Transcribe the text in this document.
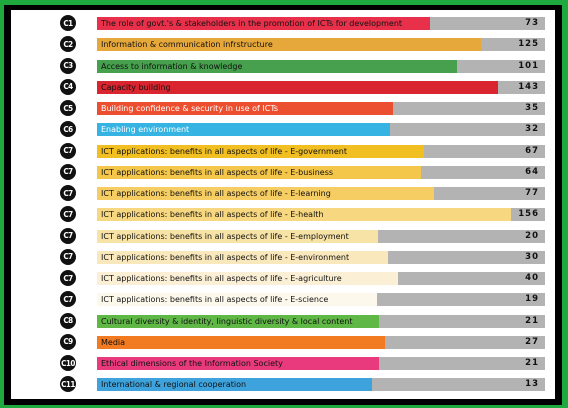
C1	The role of govt.'s & stakeholders in the promotion of ICTs for development	73
C2	Information & communication infrstructure	125
C3	Access to information & knowledge	101
C4	Capacity building	143
C5	Building confidence & security in use of ICTs	35
C6	Enabling environment	32
C7	ICT applications: benefits in all aspects of life - E-government	67
C7	ICT applications: benefits in all aspects of life - E-business	64
C7	ICT applications: benefits in all aspects of life - E-learning	77
C7	ICT applications: benefits in all aspects of life - E-health	156
C7	ICT applications: benefits in all aspects of life - E-employment	20
C7	ICT applications: benefits in all aspects of life - E-environment	30
C7	ICT applications: benefits in all aspects of life - E-agriculture	40
C7	ICT applications: benefits in all aspects of life - E-science	19
C8	Cultural diversity & identity, linguistic diversity & local content	21
C9	Media	27
C10	Ethical dimensions of the Information Society	21
C11	International & regional cooperation	13
